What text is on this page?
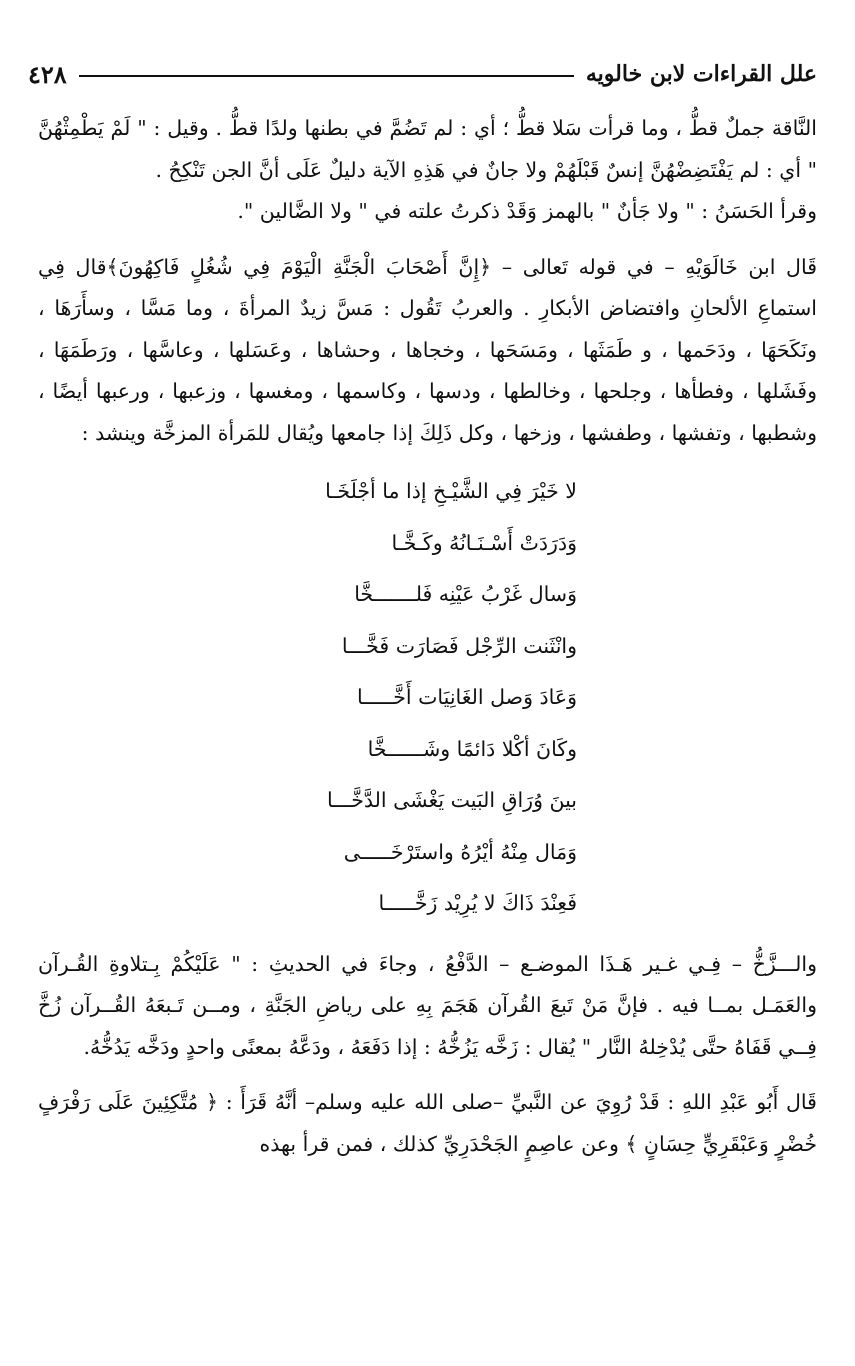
٤٢٨	علل القراءات لابن خالويه

النَّاقة جملٌ قطُّ ، وما قرأت سَلا قطُّ ؛ أي : لم تَضُمَّ في بطنها ولدًا قطُّ . وقيل : " لَمْ يَطْمِثْهُنَّ " أي : لم يَفْتَضِضْهُنَّ إنسٌ قَبْلَهُمْ ولا جانٌ في هَذِهِ الآية دليلٌ عَلَى أنَّ الجن تَنْكِحُ .

وقرأ الحَسَنُ : " ولا جَأنٌ " بالهمز وَقَدْ ذكرتُ علته في " ولا الضَّالين ".

قَال ابن خَالَوَيْهِ – في قوله تَعالى – ﴿إِنَّ أَصْحَابَ الْجَنَّةِ الْيَوْمَ فِي شُغُلٍ فَاكِهُونَ﴾قال فِي استماعِ الألحانِ وافتضاض الأبكارِ . والعربُ تَقُول : مَسَّ زيدٌ المرأةَ ، وما مَسَّا ، وسأَرَهَا ، ونَكَحَهَا ، ودَحَمها ، و طَمَثَها ، ومَسَحَها ، وخجاها ، وحشاها ، وعَسَلها ، وعاسَّها ، ورَطَمَهَا ، وفَشَلها ، وفطأها ، وجلحها ، وخالطها ، ودسها ، وكاسمها ، ومغسها ، وزعبها ، ورعبها أيضًا ، وشطبها ، وتفشها ، وطفشها ، وزخها ، وكل ذَلِكَ إذا جامعها ويُقال للمَرأة المزخَّة وينشد :

لا خَيْرَ فِي الشَّيْـخِ إذا ما أجْلَخَـا

وَدَرَدَتْ أَسْـنَـانُهُ وكَـخَّـا

وَسال غَرْبُ عَيْنِه فَلـــــــخَّا

وانْثَنت الرِّجْل فَصَارَت فَخَّـــا

وَعَادَ وَصل الغَانِيَات أَخَّـــــا

وكَانَ أكْلا دَائمًا وشَــــــخَّا

بينَ وُرَاقِ البَيت يَغْشَى الدَّخَّـــا

وَمَال مِنْهُ أيْرُهُ واستَرْخَـــــى

فَعِنْدَ ذَاكَ لا يُرِيْد زَخَّـــــا

والـــزَّخُّ – فِـي غـير هَـذَا الموضـع – الدَّفْعُ ، وجاءَ في الحديثِ : " عَلَيْكُمْ بِـتلاوةِ القُـرآن والعَمَـل بمــا فيه . فإنَّ مَنْ تَبعَ القُرآن هَجَمَ بِهِ على رياضِ الجَنَّةِ ، ومــن تَـبعَهُ القُــرآن زُخَّ فِــي قَفَاهُ حتَّى يُدْخِلهُ النَّار " يُقال : زَخَّه يَزُخُّهُ : إذا دَفَعَهُ ، ودَعَّهُ بمعنًى واحدٍ ودَخَّه يَدُخُّهُ.

قَال أَبُو عَبْدِ اللهِ : قَدْ رُوِيَ عن النَّبيِّ –صلى الله عليه وسلم– أنَّهُ قَرَأَ : ﴿ مُتَّكِئِينَ عَلَى رَفْرَفٍ خُضْرٍ وَعَبْقَرِيٍّ حِسَانٍ ﴾ وعن عاصِمٍ الجَحْدَرِيِّ كذلك ، فمن قرأ بهذه
